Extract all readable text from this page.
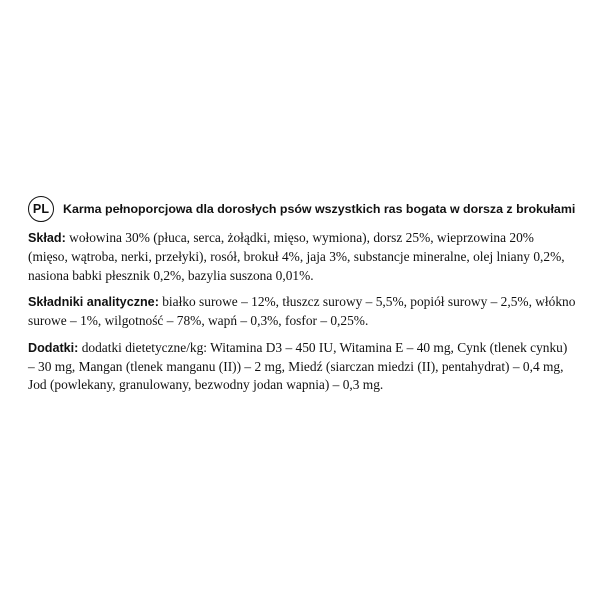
PL	Karma pełnoporcjowa dla dorosłych psów wszystkich ras bogata w dorsza z brokułami

Skład: wołowina 30% (płuca, serca, żołądki, mięso, wymiona), dorsz 25%, wieprzowina 20% (mięso, wątroba, nerki, przełyki), rosół, brokuł 4%, jaja 3%, substancje mineralne, olej lniany 0,2%, nasiona babki płesznik 0,2%, bazylia suszona 0,01%.

Składniki analityczne: białko surowe – 12%, tłuszcz surowy – 5,5%, popiół surowy – 2,5%, włókno surowe – 1%, wilgotność – 78%, wapń – 0,3%, fosfor – 0,25%.

Dodatki: dodatki dietetyczne/kg: Witamina D3 – 450 IU, Witamina E – 40 mg, Cynk (tlenek cynku) – 30 mg, Mangan (tlenek manganu (II)) – 2 mg, Miedź (siarczan miedzi (II), pentahydrat) – 0,4 mg, Jod (powlekany, granulowany, bezwodny jodan wapnia) – 0,3 mg.
